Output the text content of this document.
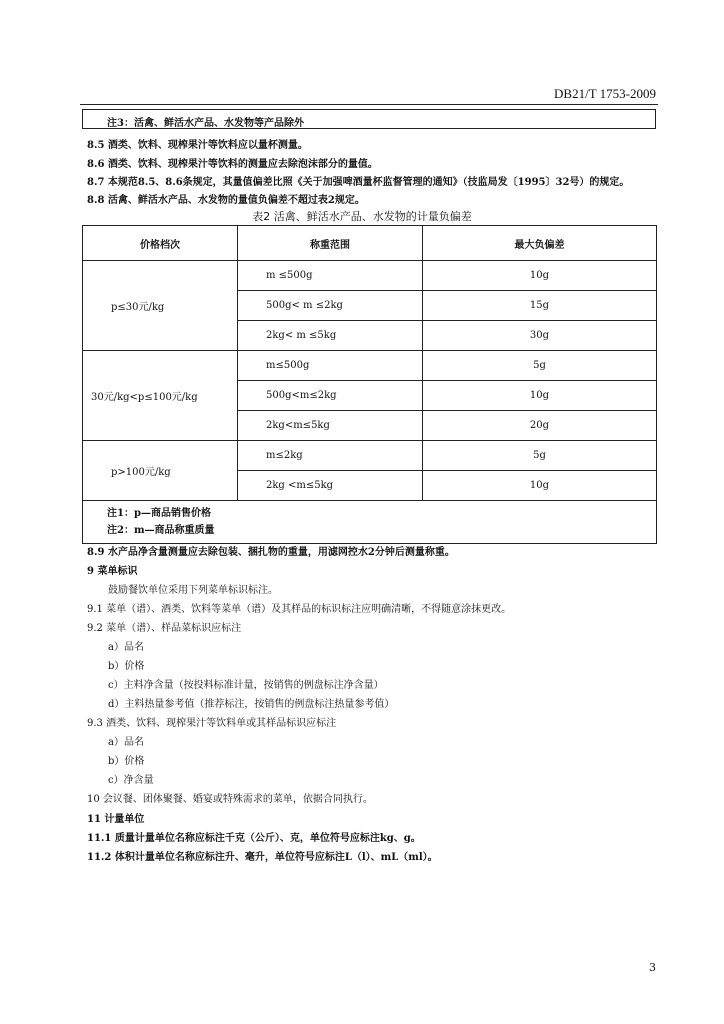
DB21/T 1753-2009
注3：活禽、鲜活水产品、水发物等产品除外
8.5 酒类、饮料、现榨果汁等饮料应以量杯测量。
8.6 酒类、饮料、现榨果汁等饮料的测量应去除泡沫部分的量值。
8.7 本规范8.5、8.6条规定，其量值偏差比照《关于加强啤酒量杯监督管理的通知》（技监局发〔1995〕32号）的规定。
8.8 活禽、鲜活水产品、水发物的量值负偏差不超过表2规定。
表2 活禽、鲜活水产品、水发物的计量负偏差
价格档次	称重范围	最大负偏差
p≤30元/kg	m ≤500g	10g
	500g< m ≤2kg	15g
	2kg< m ≤5kg	30g
30元/kg<p≤100元/kg	m≤500g	5g
	500g<m≤2kg	10g
	2kg<m≤5kg	20g
p>100元/kg	m≤2kg	5g
	2kg <m≤5kg	10g

注1：p—商品销售价格
注2：m—商品称重质量		
8.9 水产品净含量测量应去除包装、捆扎物的重量，用滤网控水2分钟后测量称重。
9 菜单标识
鼓励餐饮单位采用下列菜单标识标注。
9.1 菜单（谱）、酒类、饮料等菜单（谱）及其样品的标识标注应明确清晰，不得随意涂抹更改。
9.2 菜单（谱）、样品菜标识应标注
a）品名
b）价格
c）主料净含量（按投料标准计量，按销售的例盘标注净含量）
d）主料热量参考值（推荐标注，按销售的例盘标注热量参考值）
9.3 酒类、饮料、现榨果汁等饮料单或其样品标识应标注
a）品名
b）价格
c）净含量
10 会议餐、团体聚餐、婚宴或特殊需求的菜单，依据合同执行。
11 计量单位
11.1 质量计量单位名称应标注千克（公斤）、克，单位符号应标注kg、g。
11.2 体积计量单位名称应标注升、毫升，单位符号应标注L（l）、mL（ml）。
3
